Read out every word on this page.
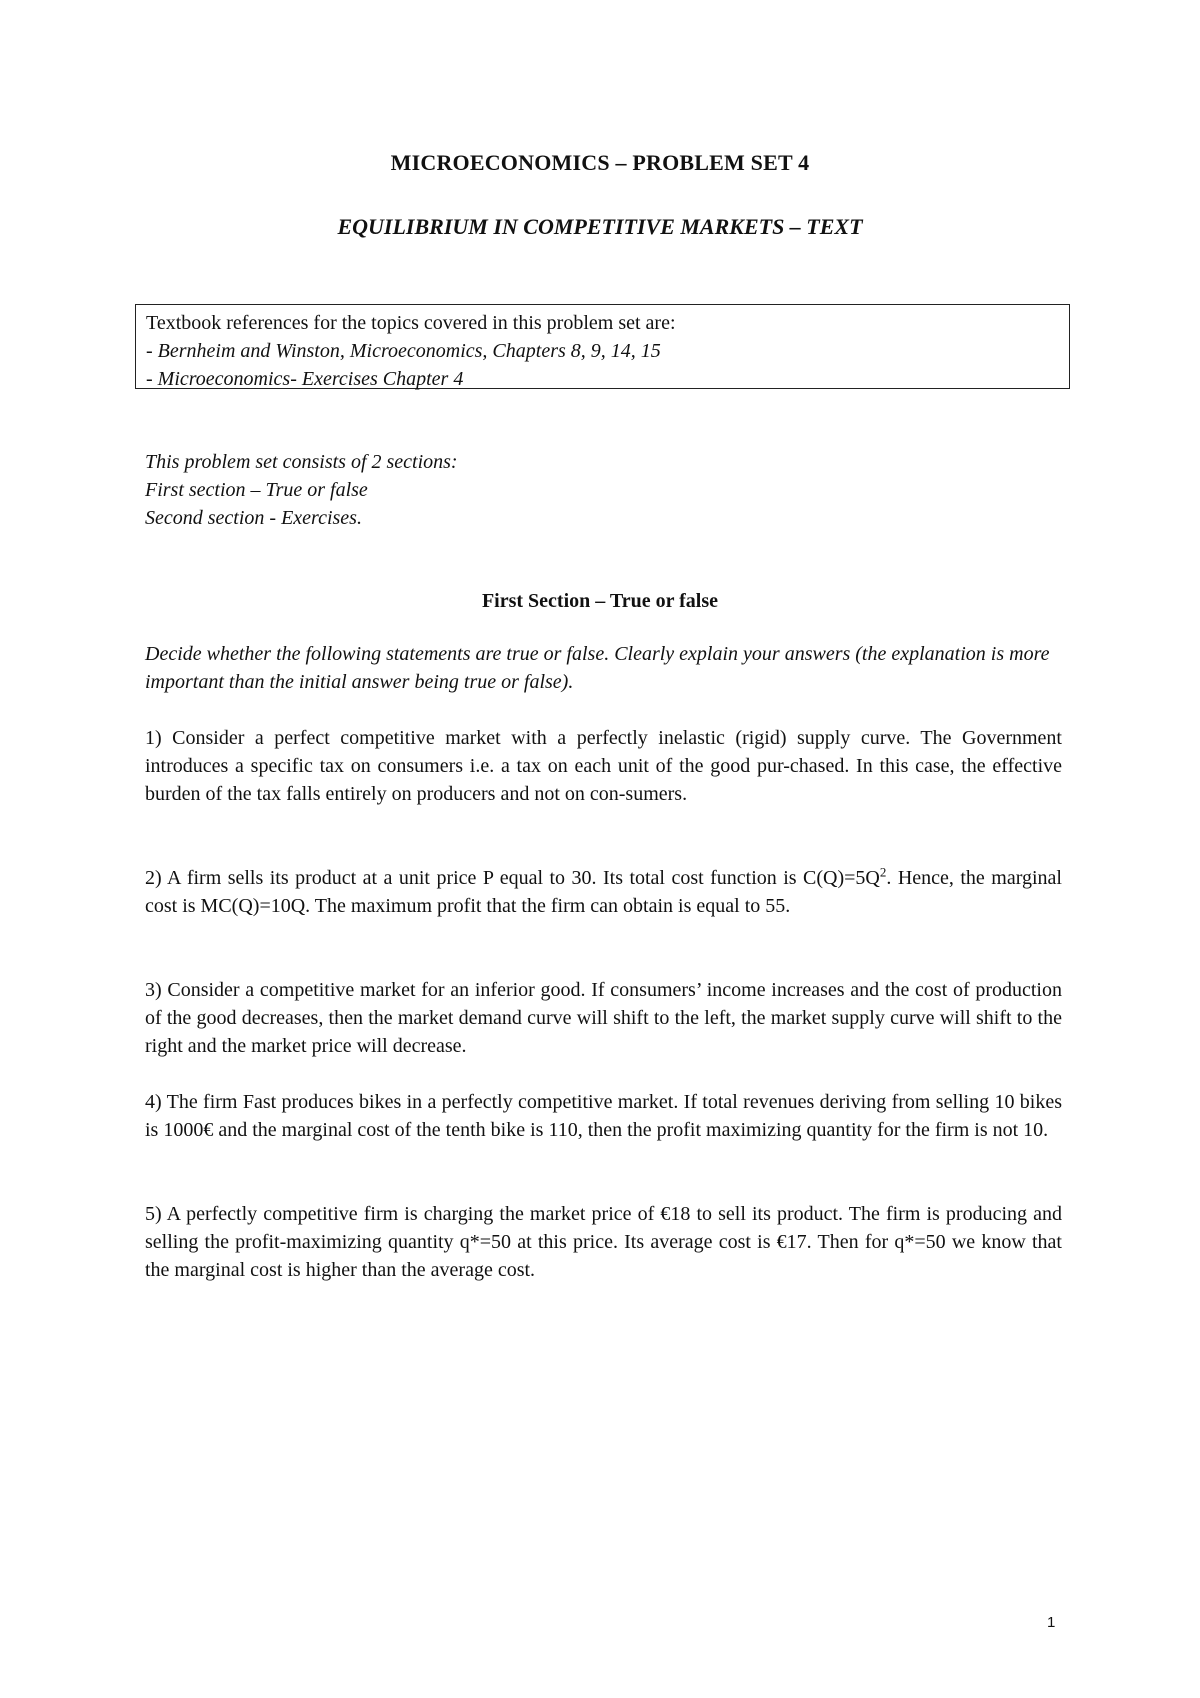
MICROECONOMICS – PROBLEM SET 4
EQUILIBRIUM IN COMPETITIVE MARKETS – TEXT
Textbook references for the topics covered in this problem set are:
- Bernheim and Winston, Microeconomics, Chapters 8, 9, 14, 15
- Microeconomics- Exercises Chapter 4
This problem set consists of 2 sections:
First section – True or false
Second section - Exercises.
First Section – True or false
Decide whether the following statements are true or false. Clearly explain your answers (the explanation is more important than the initial answer being true or false).
1) Consider a perfect competitive market with a perfectly inelastic (rigid) supply curve. The Government introduces a specific tax on consumers i.e. a tax on each unit of the good pur-chased. In this case, the effective burden of the tax falls entirely on producers and not on con-sumers.
2) A firm sells its product at a unit price P equal to 30. Its total cost function is $C(Q)=5Q^2$. Hence, the marginal cost is MC(Q)=10Q. The maximum profit that the firm can obtain is equal to 55.
3) Consider a competitive market for an inferior good. If consumers’ income increases and the cost of production of the good decreases, then the market demand curve will shift to the left, the market supply curve will shift to the right and the market price will decrease.
4) The firm Fast produces bikes in a perfectly competitive market. If total revenues deriving from selling 10 bikes is 1000€ and the marginal cost of the tenth bike is 110, then the profit maximizing quantity for the firm is not 10.
5) A perfectly competitive firm is charging the market price of €18 to sell its product. The firm is producing and selling the profit-maximizing quantity q*=50 at this price. Its average cost is €17. Then for q*=50 we know that the marginal cost is higher than the average cost.
1
